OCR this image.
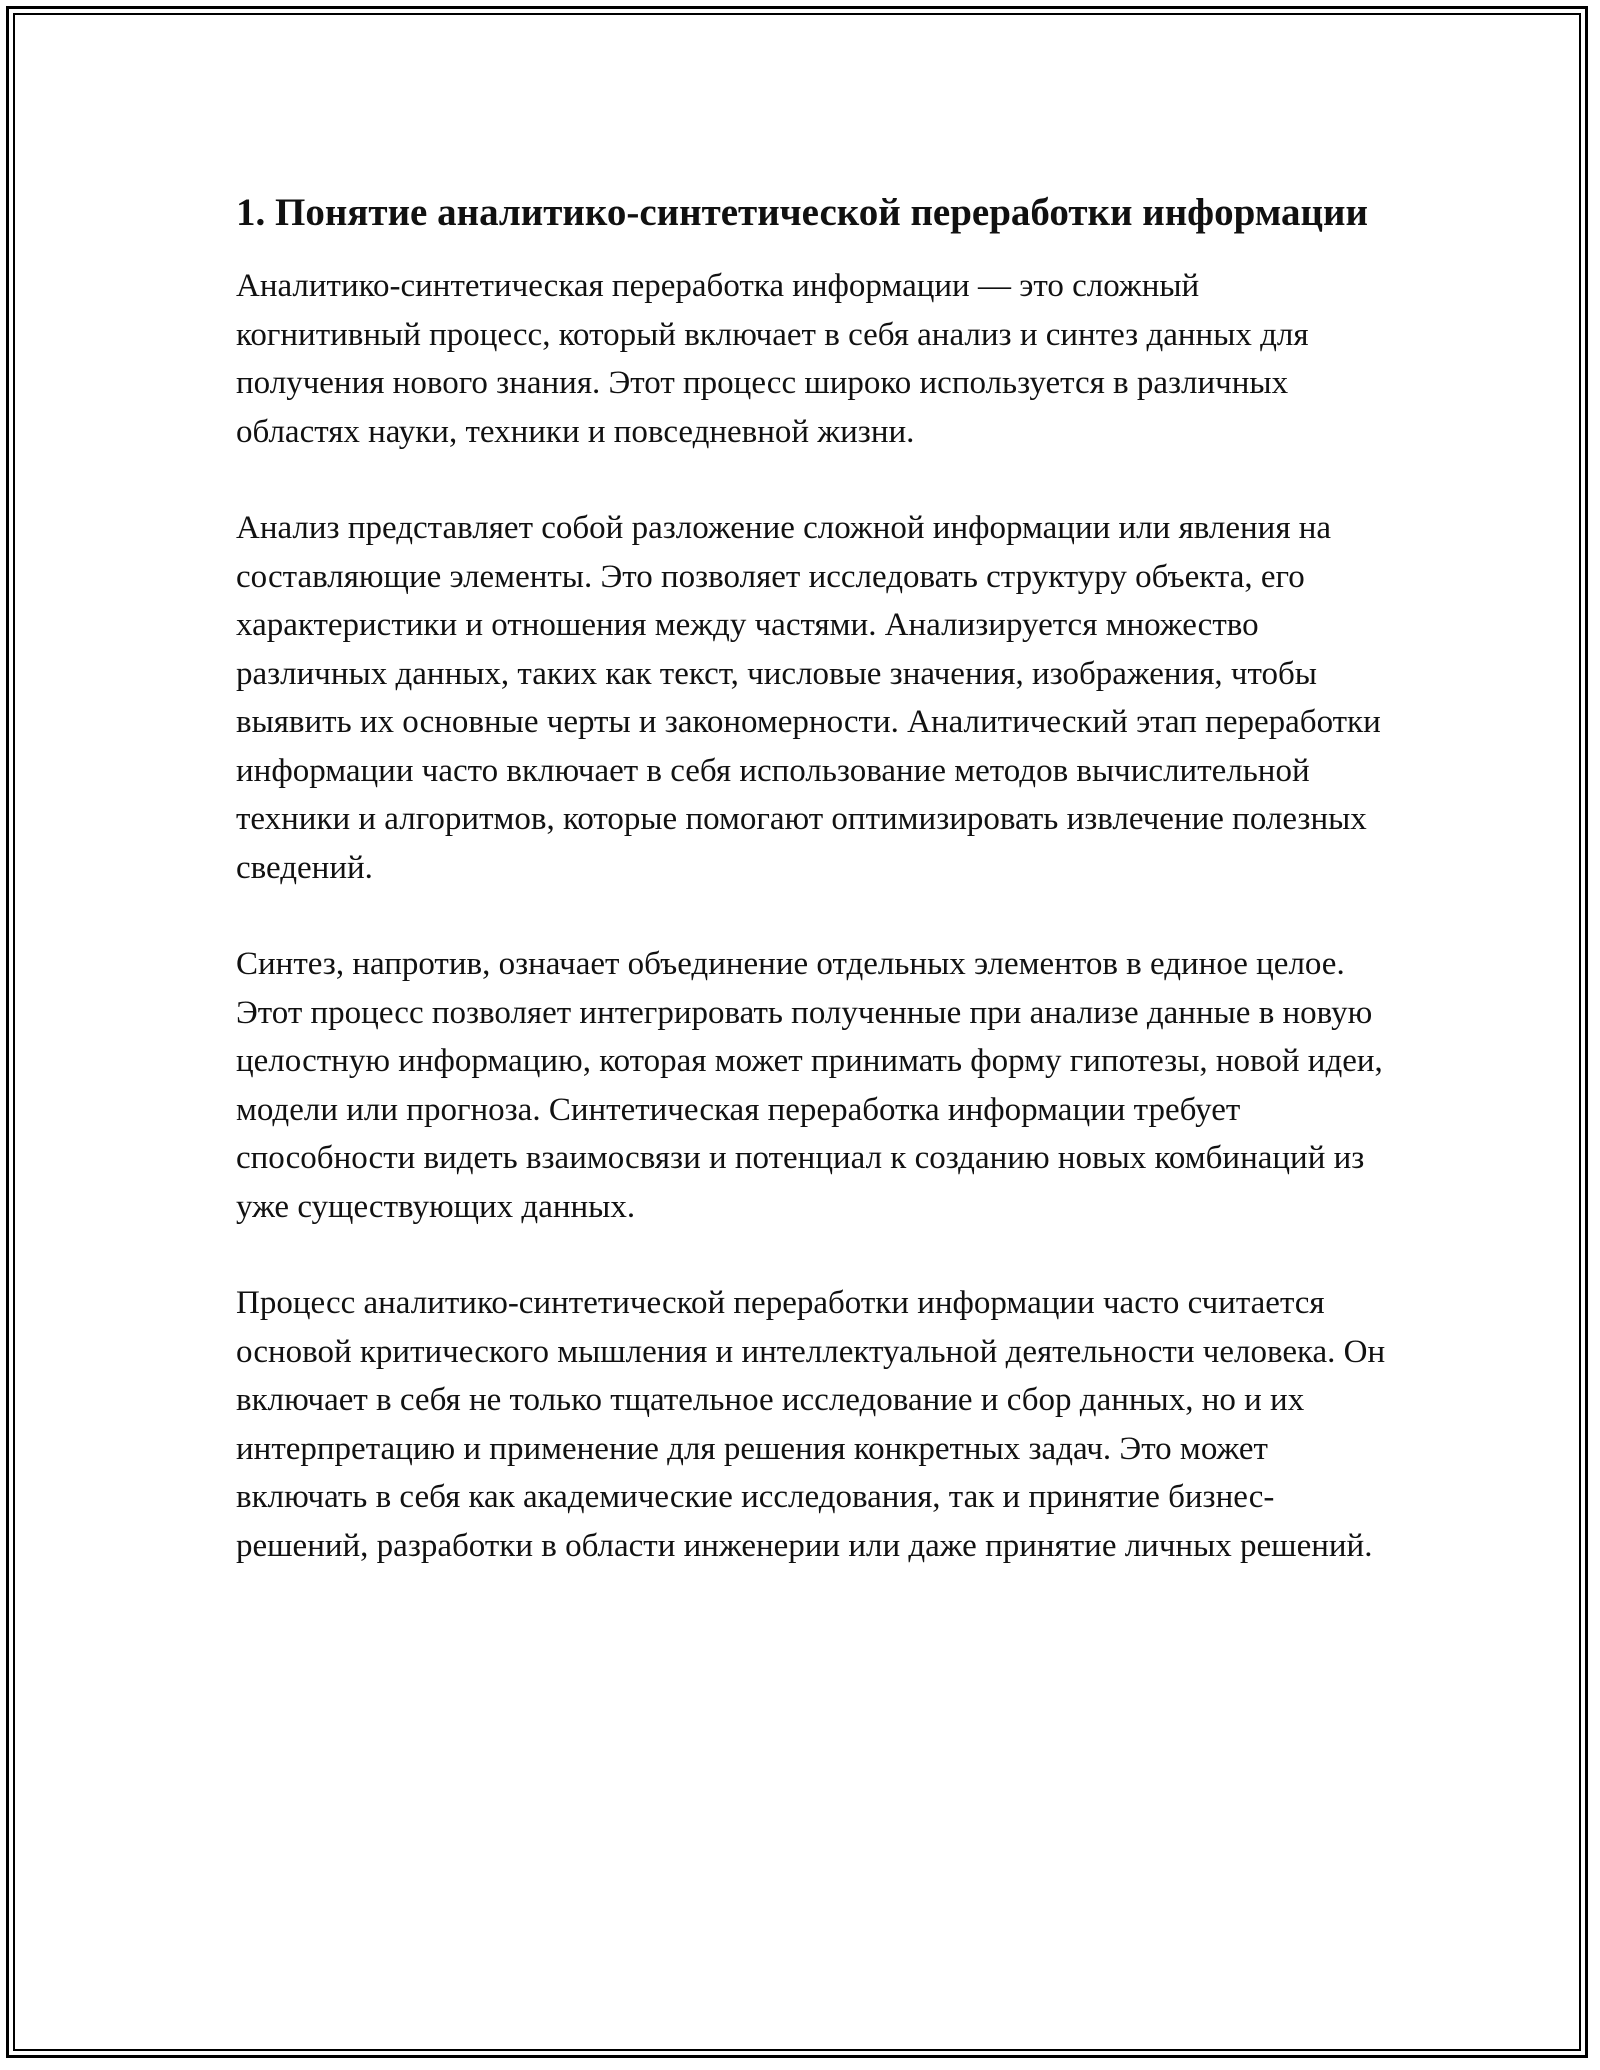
1. Понятие аналитико-синтетической переработки информации

Аналитико-синтетическая переработка информации — это сложный когнитивный процесс, который включает в себя анализ и синтез данных для получения нового знания. Этот процесс широко используется в различных областях науки, техники и повседневной жизни.

Анализ представляет собой разложение сложной информации или явления на составляющие элементы. Это позволяет исследовать структуру объекта, его характеристики и отношения между частями. Анализируется множество различных данных, таких как текст, числовые значения, изображения, чтобы выявить их основные черты и закономерности. Аналитический этап переработки информации часто включает в себя использование методов вычислительной техники и алгоритмов, которые помогают оптимизировать извлечение полезных сведений.

Синтез, напротив, означает объединение отдельных элементов в единое целое. Этот процесс позволяет интегрировать полученные при анализе данные в новую целостную информацию, которая может принимать форму гипотезы, новой идеи, модели или прогноза. Синтетическая переработка информации требует способности видеть взаимосвязи и потенциал к созданию новых комбинаций из уже существующих данных.

Процесс аналитико-синтетической переработки информации часто считается основой критического мышления и интеллектуальной деятельности человека. Он включает в себя не только тщательное исследование и сбор данных, но и их интерпретацию и применение для решения конкретных задач. Это может включать в себя как академические исследования, так и принятие бизнес-решений, разработки в области инженерии или даже принятие личных решений.
